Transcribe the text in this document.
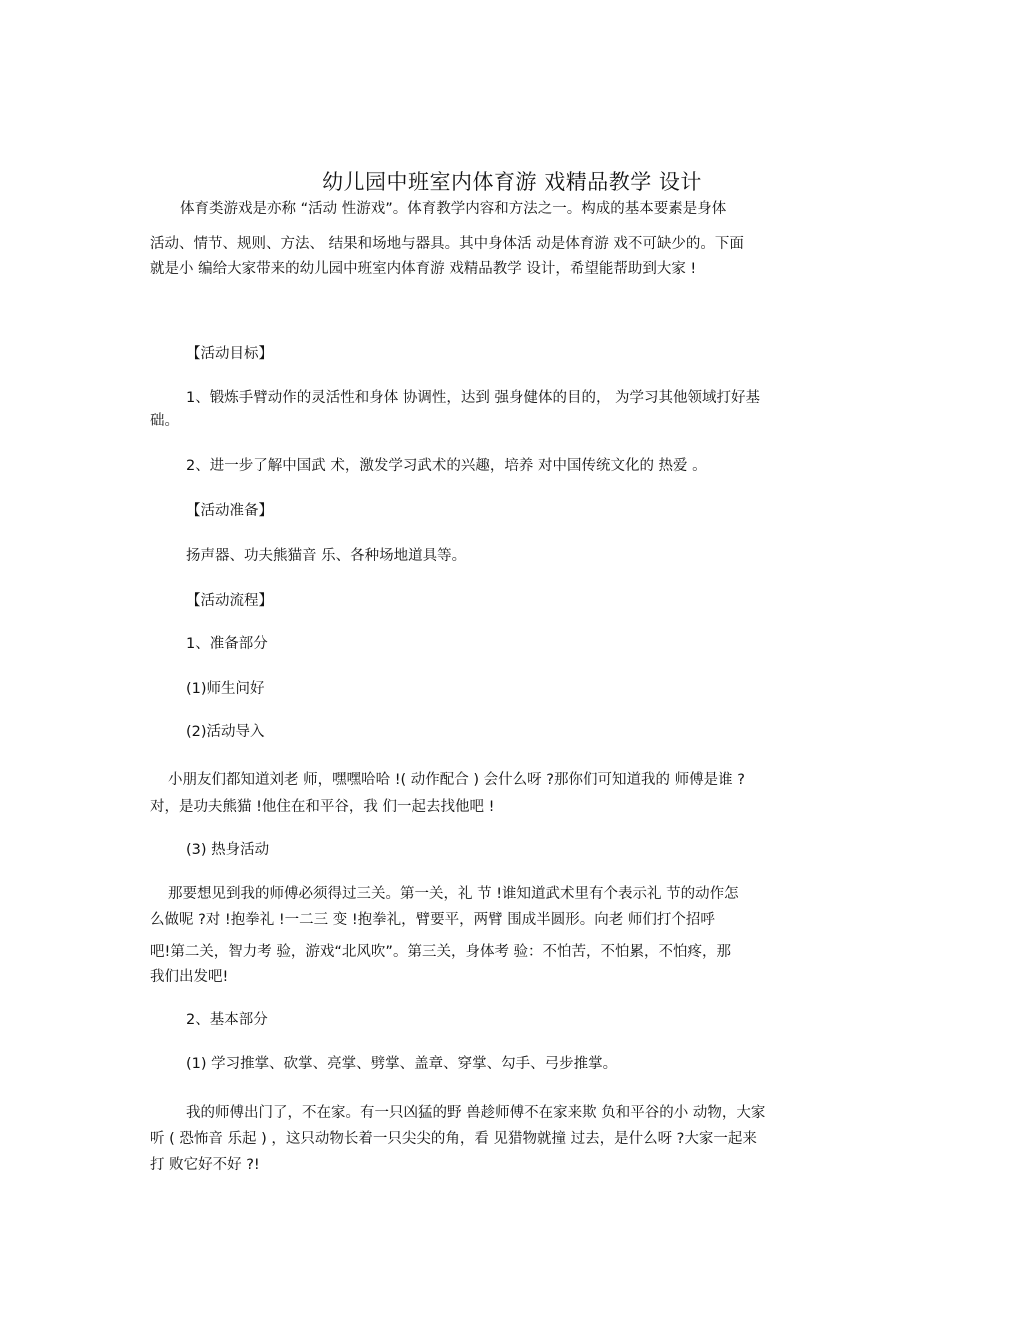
幼儿园中班室内体育游 戏精品教学 设计
体育类游戏是亦称 “活动 性游戏”。体育教学内容和方法之一。构成的基本要素是身体
活动、情节、规则、方法、 结果和场地与器具。其中身体活 动是体育游 戏不可缺少的。下面
就是小 编给大家带来的幼儿园中班室内体育游 戏精品教学 设计，希望能帮助到大家 !
【活动目标】
1、锻炼手臂动作的灵活性和身体 协调性，达到 强身健体的目的， 为学习其他领域打好基
础。
2、进一步了解中国武 术，激发学习武术的兴趣，培养 对中国传统文化的 热爱 。
【活动准备】
扬声器、功夫熊猫音 乐、各种场地道具等。
【活动流程】
1、准备部分
(1)师生问好
(2)活动导入
小朋友们都知道刘老 师，嘿嘿哈哈 !( 动作配合 ) 会什么呀 ?那你们可知道我的 师傅是谁 ?
对，是功夫熊猫 !他住在和平谷，我 们一起去找他吧 !
(3) 热身活动
那要想见到我的师傅必须得过三关。第一关，礼 节 !谁知道武术里有个表示礼 节的动作怎
么做呢 ?对 !抱拳礼 !一二三 变 !抱拳礼，臂要平，两臂 围成半圆形。向老 师们打个招呼
吧!第二关，智力考 验，游戏“北风吹”。第三关，身体考 验：不怕苦，不怕累，不怕疼，那
我们出发吧!
2、基本部分
(1) 学习推掌、砍掌、亮掌、劈掌、盖章、穿掌、勾手、弓步推掌。
我的师傅出门了，不在家。有一只凶猛的野 兽趁师傅不在家来欺 负和平谷的小 动物，大家
听 ( 恐怖音 乐起 ) ，这只动物长着一只尖尖的角，看 见猎物就撞 过去，是什么呀 ?大家一起来
打 败它好不好 ?!
